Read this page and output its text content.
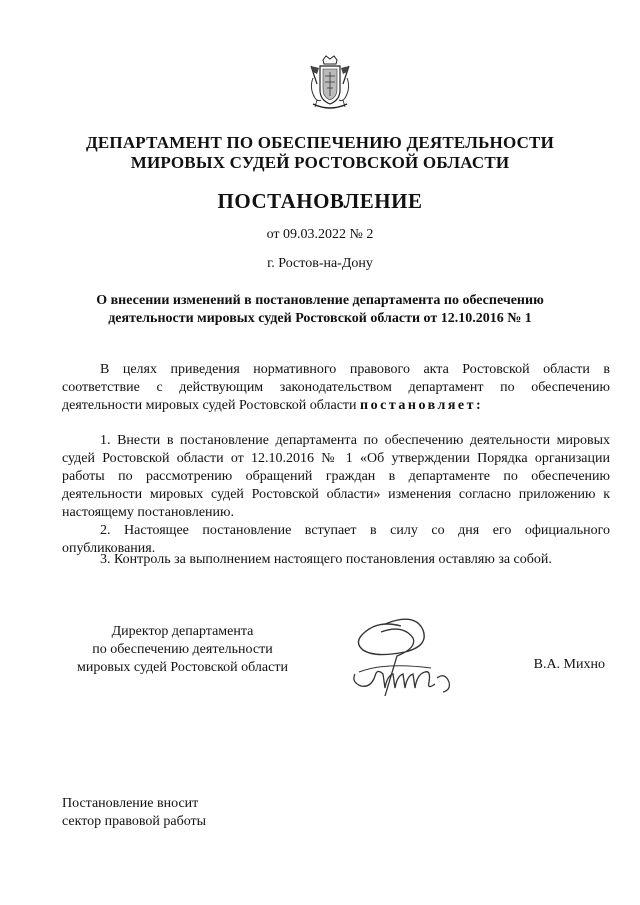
ДЕПАРТАМЕНТ ПО ОБЕСПЕЧЕНИЮ ДЕЯТЕЛЬНОСТИ
МИРОВЫХ СУДЕЙ РОСТОВСКОЙ ОБЛАСТИ
ПОСТАНОВЛЕНИЕ
от 09.03.2022 № 2
г. Ростов-на-Дону
О внесении изменений в постановление департамента по обеспечению
деятельности мировых судей Ростовской области от 12.10.2016 № 1

В целях приведения нормативного правового акта Ростовской области в соответствие с действующим законодательством департамент по обеспечению деятельности мировых судей Ростовской области постановляет:

1. Внести в постановление департамента по обеспечению деятельности мировых судей Ростовской области от 12.10.2016 № 1 «Об утверждении Порядка организации работы по рассмотрению обращений граждан в департаменте по обеспечению деятельности мировых судей Ростовской области» изменения согласно приложению к настоящему постановлению.

2. Настоящее постановление вступает в силу со дня его официального опубликования.

3. Контроль за выполнением настоящего постановления оставляю за собой.

Директор департамента
по обеспечению деятельности
мировых судей Ростовской области	В.А. Михно
Постановление вносит
сектор правовой работы
